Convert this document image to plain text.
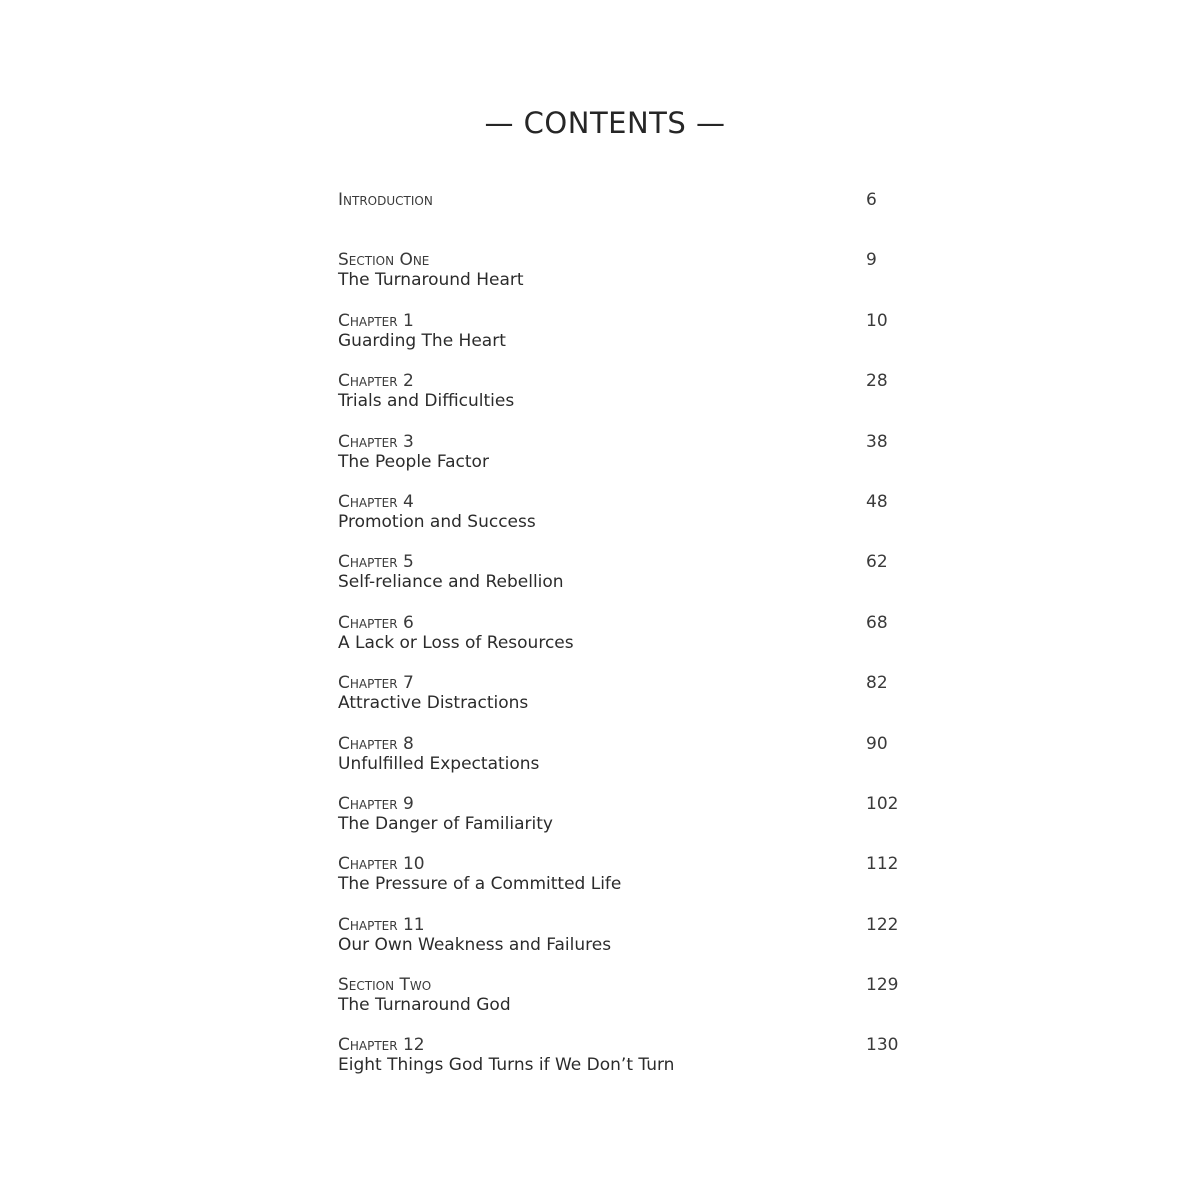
— CONTENTS —
Introduction	6
Section One
The Turnaround Heart
9
Chapter 1
Guarding The Heart
10
Chapter 2
Trials and Difficulties
28
Chapter 3
The People Factor
38
Chapter 4
Promotion and Success
48
Chapter 5
Self-reliance and Rebellion
62
Chapter 6
A Lack or Loss of Resources
68
Chapter 7
Attractive Distractions
82
Chapter 8
Unfulfilled Expectations
90
Chapter 9
The Danger of Familiarity
102
Chapter 10
The Pressure of a Committed Life
112
Chapter 11
Our Own Weakness and Failures
122
Section Two
The Turnaround God
129
Chapter 12
Eight Things God Turns if We Don’t Turn
130
